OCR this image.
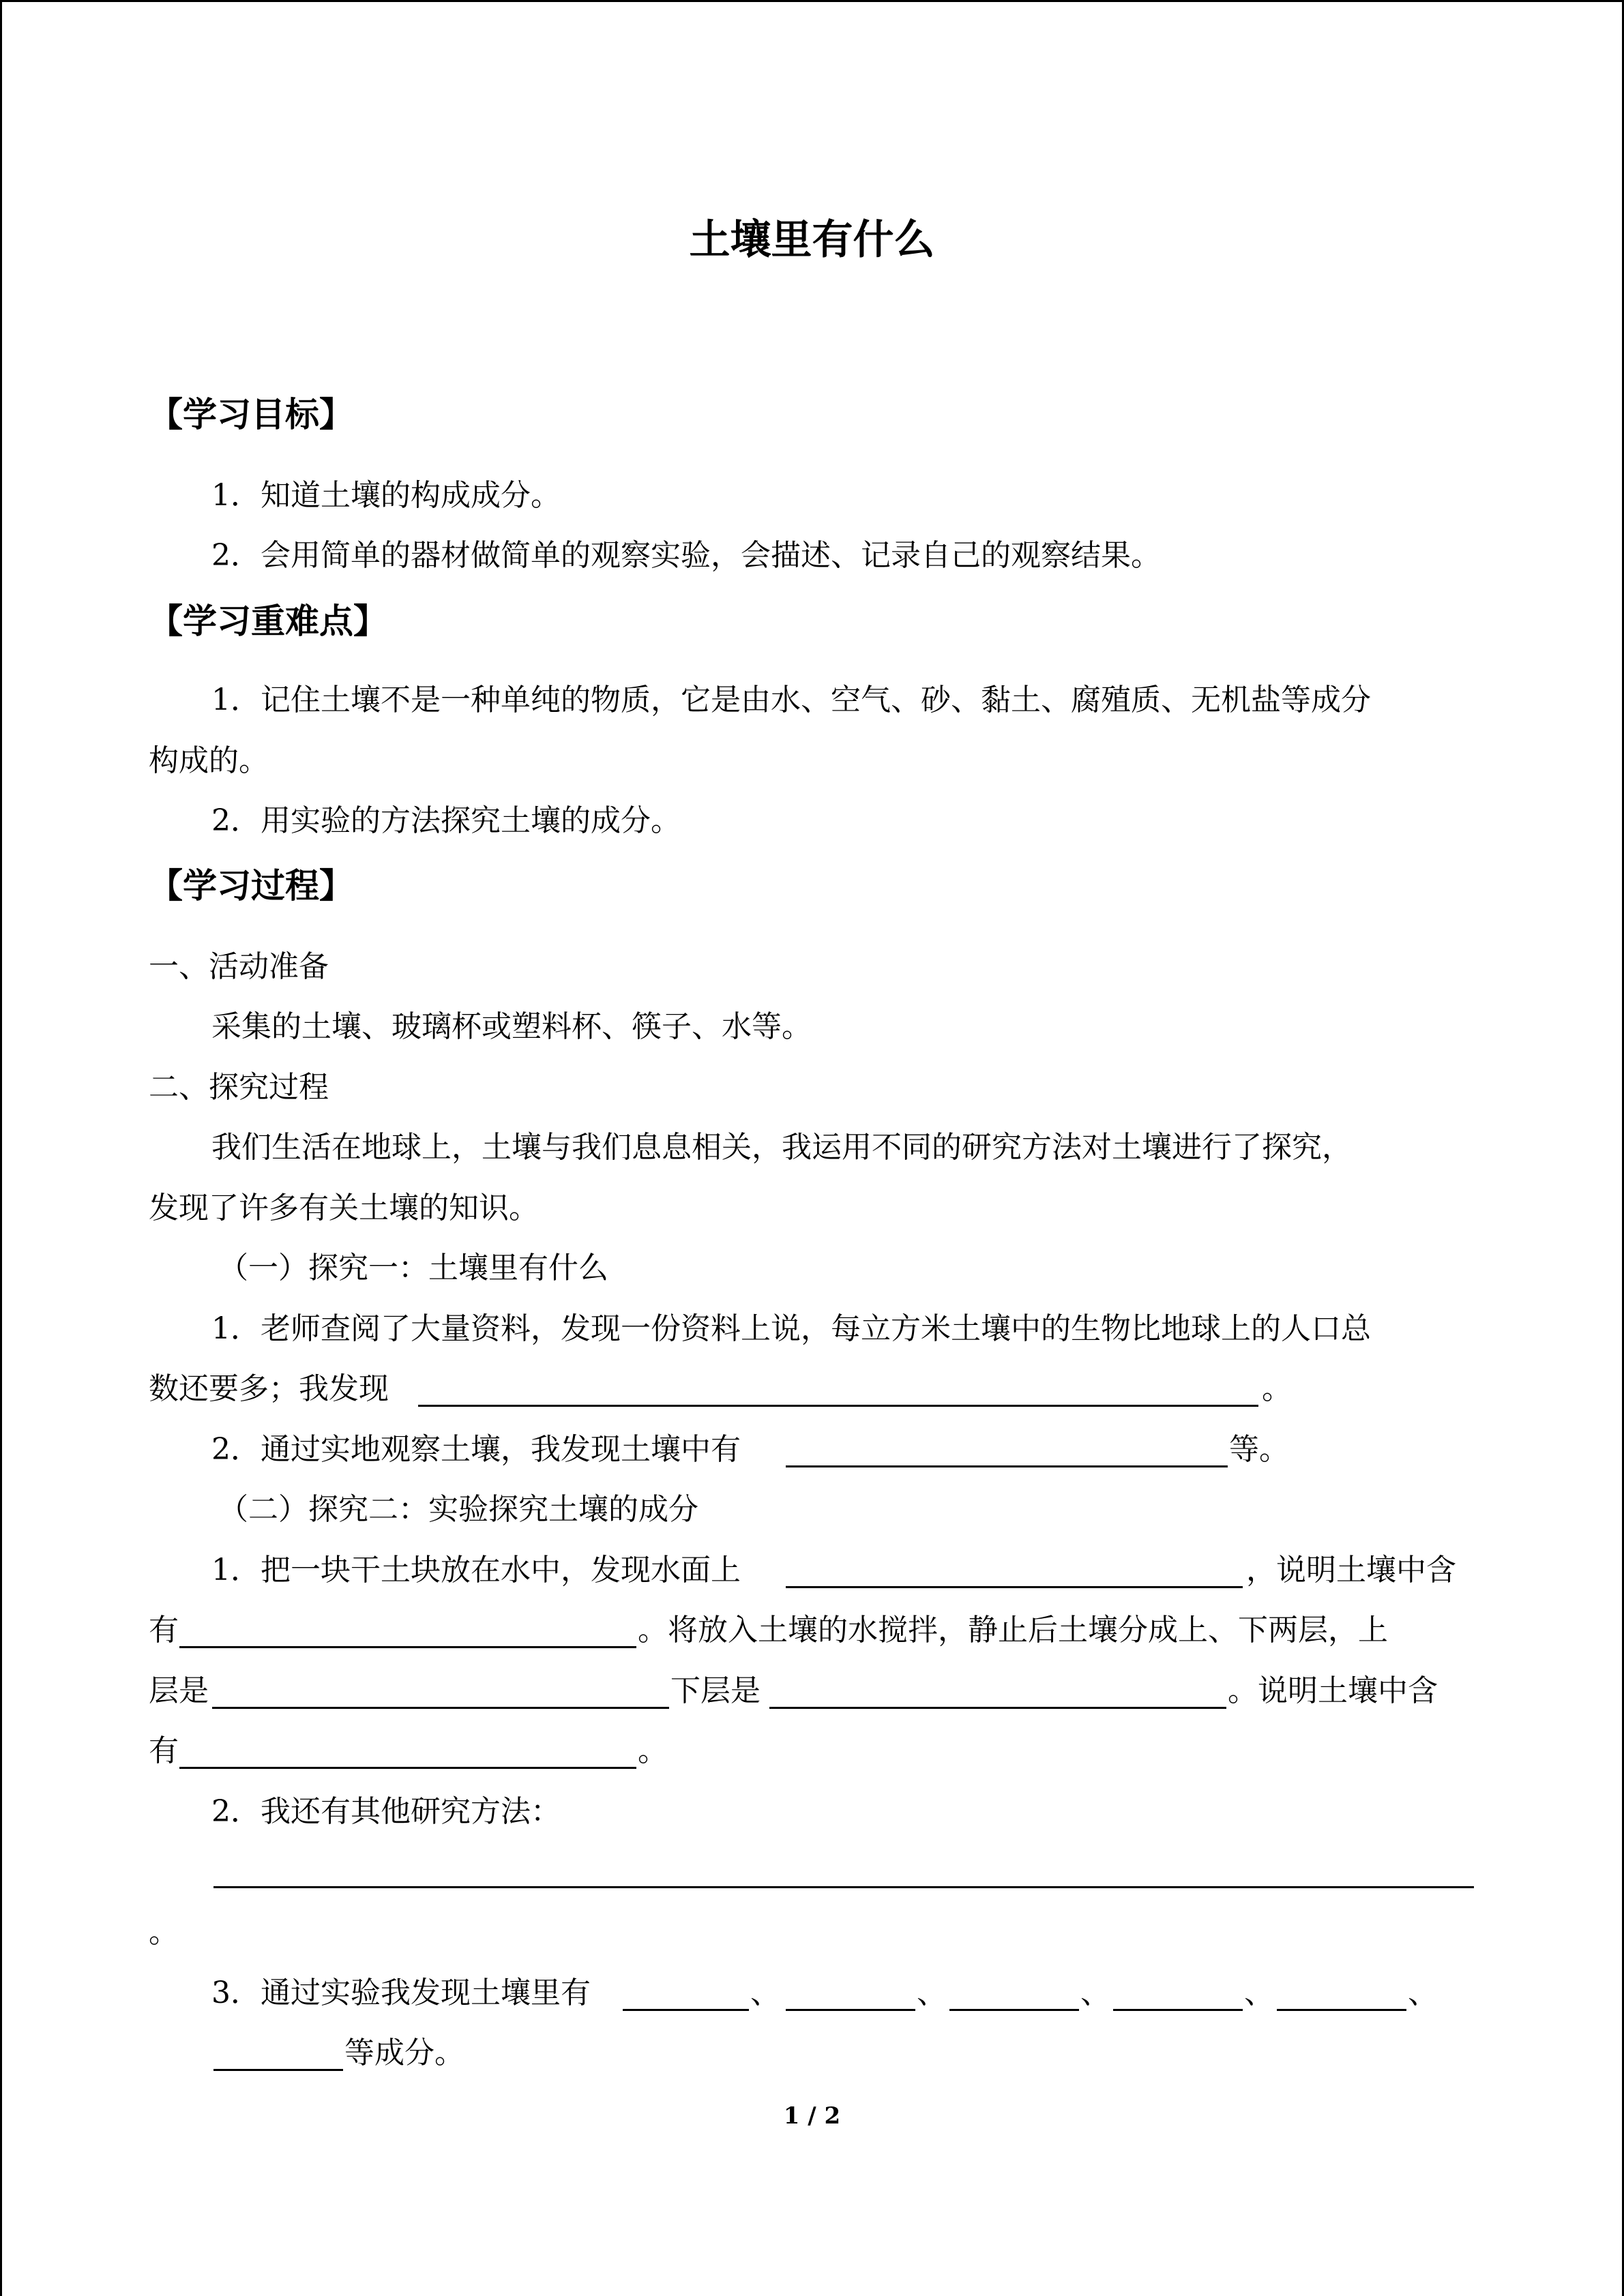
土壤里有什么
【学习目标】
1．知道土壤的构成成分。
2．会用简单的器材做简单的观察实验，会描述、记录自己的观察结果。
【学习重难点】
1．记住土壤不是一种单纯的物质，它是由水、空气、砂、黏土、腐殖质、无机盐等成分
构成的。
2．用实验的方法探究土壤的成分。
【学习过程】
一、活动准备
采集的土壤、玻璃杯或塑料杯、筷子、水等。
二、探究过程
我们生活在地球上，土壤与我们息息相关，我运用不同的研究方法对土壤进行了探究，
发现了许多有关土壤的知识。
（一）探究一：土壤里有什么
1．老师查阅了大量资料，发现一份资料上说，每立方米土壤中的生物比地球上的人口总
数还要多；我发现	。
2．通过实地观察土壤，我发现土壤中有	等。
（二）探究二：实验探究土壤的成分
1．把一块干土块放在水中，发现水面上	，说明土壤中含
有	。将放入土壤的水搅拌，静止后土壤分成上、下两层，上
层是	下层是	。说明土壤中含
有	。
2．我还有其他研究方法：
。
3．通过实验我发现土壤里有	、	、	、	、	、
等成分。
1 / 2
